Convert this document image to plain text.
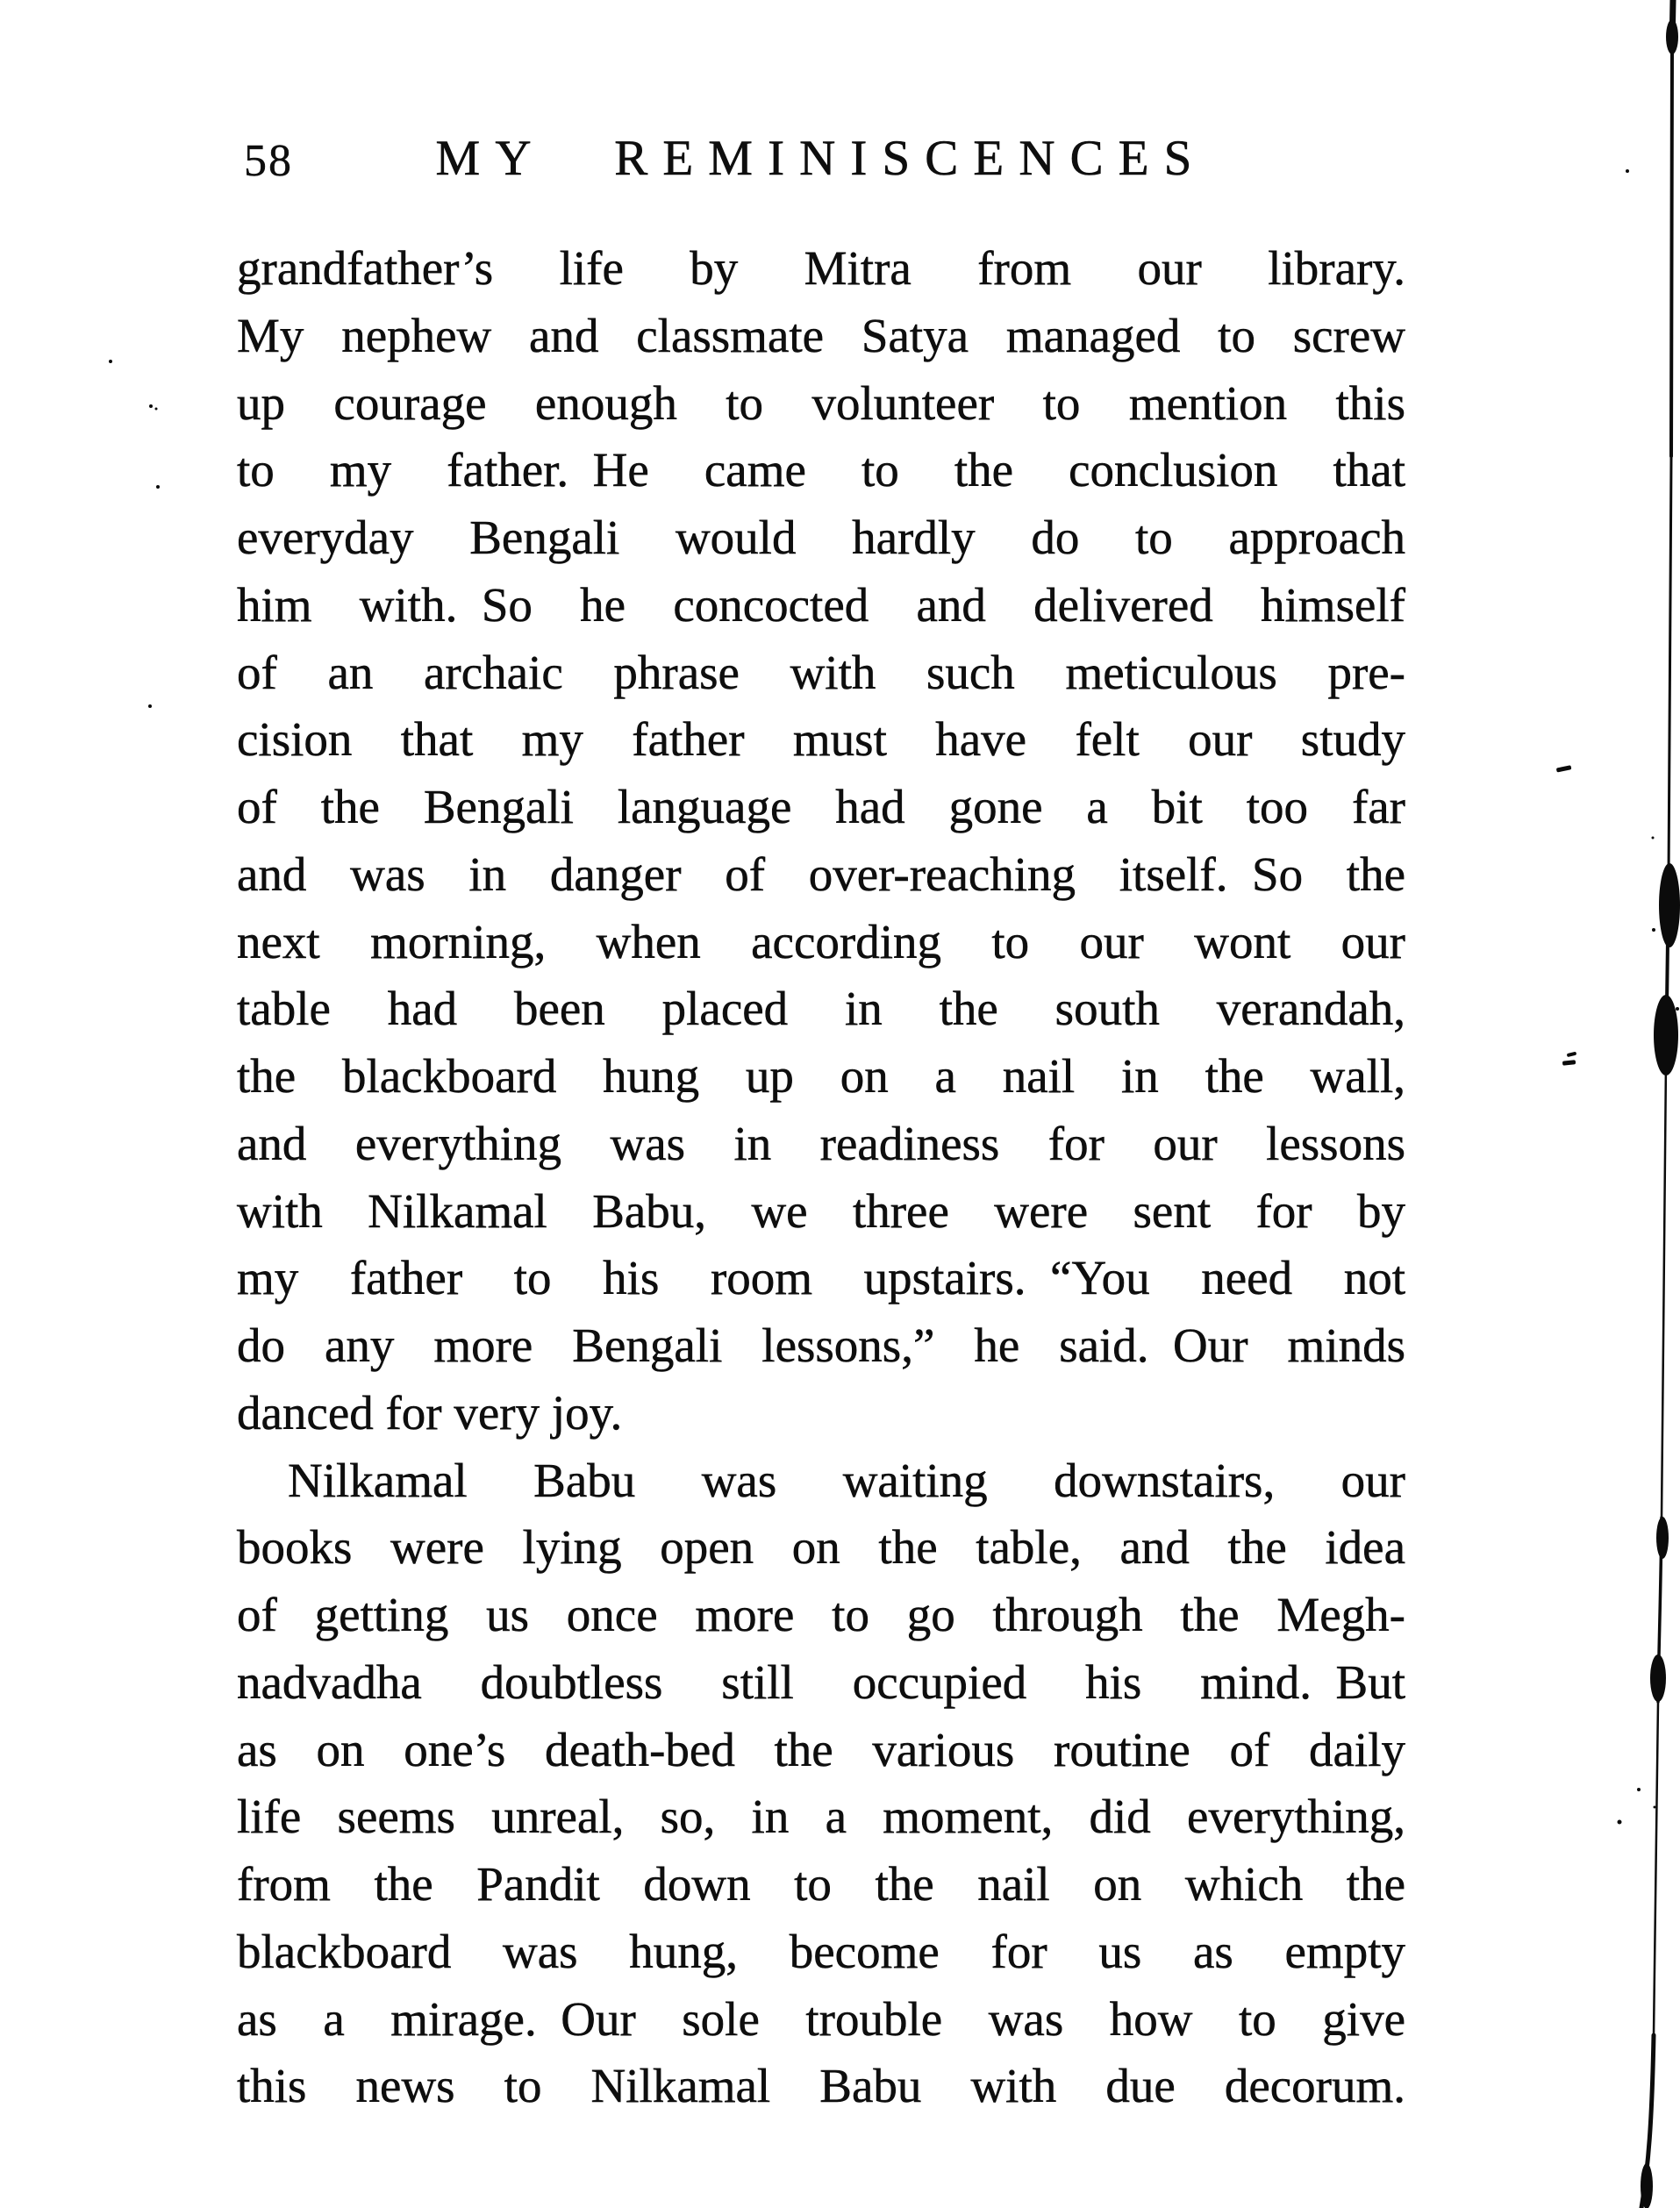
58	MY REMINISCENCES
grandfather’s life by Mitra from our library.
My nephew and classmate Satya managed to screw
up courage enough to volunteer to mention this
to my father. He came to the conclusion that
everyday Bengali would hardly do to approach
him with. So he concocted and delivered himself
of an archaic phrase with such meticulous pre-
cision that my father must have felt our study
of the Bengali language had gone a bit too far
and was in danger of over-reaching itself. So the
next morning, when according to our wont our
table had been placed in the south verandah,
the blackboard hung up on a nail in the wall,
and everything was in readiness for our lessons
with Nilkamal Babu, we three were sent for by
my father to his room upstairs. “You need not
do any more Bengali lessons,” he said. Our minds
danced for very joy.
Nilkamal Babu was waiting downstairs, our
books were lying open on the table, and the idea
of getting us once more to go through the Megh-
nadvadha doubtless still occupied his mind. But
as on one’s death-bed the various routine of daily
life seems unreal, so, in a moment, did everything,
from the Pandit down to the nail on which the
blackboard was hung, become for us as empty
as a mirage. Our sole trouble was how to give
this news to Nilkamal Babu with due decorum.
